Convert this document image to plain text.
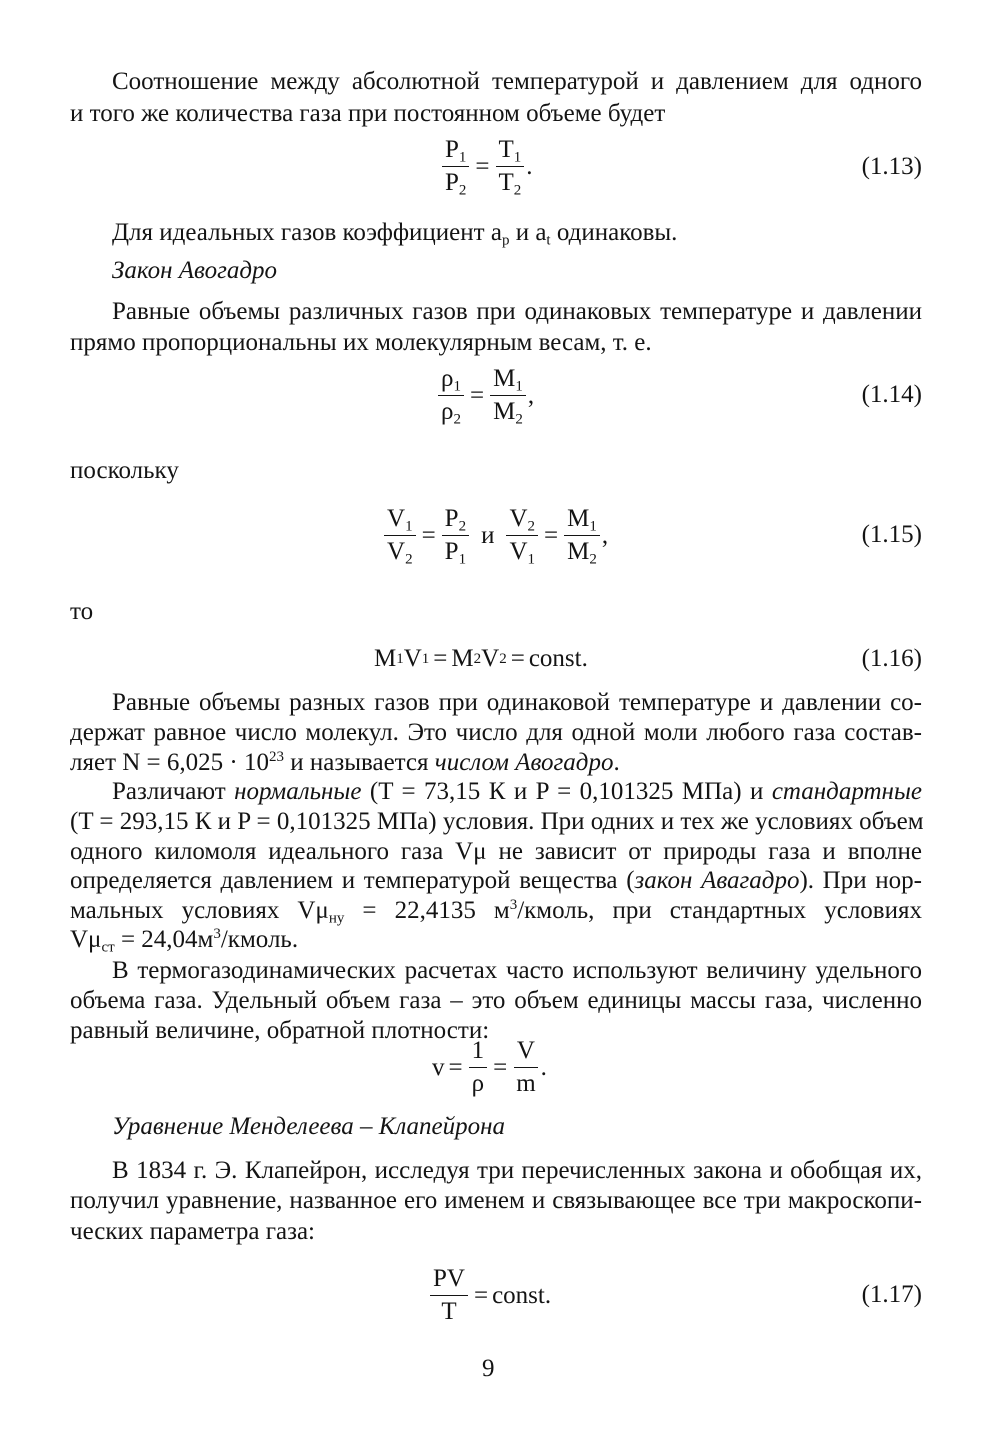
Соотношение между абсолютной температурой и давлением для одного
и того же количества газа при постоянном объеме будет
$\frac{P_1}{P_2} = \frac{T_1}{T_2}$ .	(1.13)
Для идеальных газов коэффициент $a_p$ и $a_t$ одинаковы.
Закон Авогадро
Равные объемы различных газов при одинаковых температуре и давлении
прямо пропорциональны их молекулярным весам, т. е.
$\frac{\rho_1}{\rho_2} = \frac{M_1}{M_2}$ ,	(1.14)
поскольку
$\frac{V_1}{V_2} = \frac{P_2}{P_1}$ и $\frac{V_2}{V_1} = \frac{M_1}{M_2}$ ,	(1.15)
то
M 1 V 1 = M 2 V 2 = const .	(1.16)
Равные объемы разных газов при одинаковой температуре и давлении со-
держат равное число молекул. Это число для одной моли любого газа состав-
ляет $N = 6,025 \cdot 10^{23}$ и называется числом Авогадро.
Различают нормальные (T = 73,15 К и P = 0,101325 МПа) и стандартные
(T = 293,15 К и P = 0,101325 МПа) условия. При одних и тех же условиях объем
одного киломоля идеального газа Vμ не зависит от природы газа и вполне
определяется давлением и температурой вещества (закон Авагадро). При нор-
мальных условиях $V\mu_{ну} = 22,4135$ $м^3$/кмоль, при стандартных условиях
$V\mu_{ст}$ = $24,04м^3$/кмоль.
В термогазодинамических расчетах часто используют величину удельного
объема газа. Удельный объем газа – это объем единицы массы газа, численно
равный величине, обратной плотности:
$v = \frac{1}{\rho} = \frac{V}{m}$ .
Уравнение Менделеева – Клапейрона
В 1834 г. Э. Клапейрон, исследуя три перечисленных закона и обобщая их,
получил уравнение, названное его именем и связывающее все три макроскопи-
ческих параметра газа:
$\frac{PV}{T}$ = const .	(1.17)
9
